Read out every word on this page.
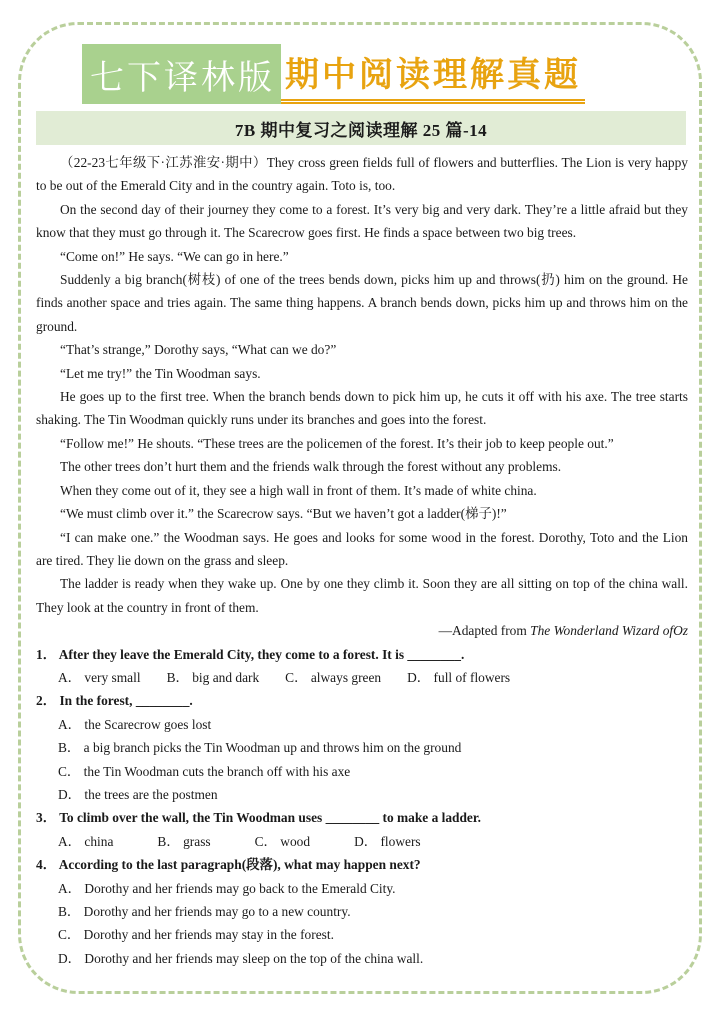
七下译林版 期中阅读理解真题
7B 期中复习之阅读理解 25 篇-14

（22-23七年级下·江苏淮安·期中）They cross green fields full of flowers and butterflies. The Lion is very happy to be out of the Emerald City and in the country again. Toto is, too.

On the second day of their journey they come to a forest. It’s very big and very dark. They’re a little afraid but they know that they must go through it. The Scarecrow goes first. He finds a space between two big trees.

“Come on!” He says. “We can go in here.”

Suddenly a big branch(树枝) of one of the trees bends down, picks him up and throws(扔) him on the ground. He finds another space and tries again. The same thing happens. A branch bends down, picks him up and throws him on the ground.

“That’s strange,” Dorothy says, “What can we do?”

“Let me try!” the Tin Woodman says.

He goes up to the first tree. When the branch bends down to pick him up, he cuts it off with his axe. The tree starts shaking. The Tin Woodman quickly runs under its branches and goes into the forest.

“Follow me!” He shouts. “These trees are the policemen of the forest. It’s their job to keep people out.”

The other trees don’t hurt them and the friends walk through the forest without any problems.

When they come out of it, they see a high wall in front of them. It’s made of white china.

“We must climb over it.” the Scarecrow says. “But we haven’t got a ladder(梯子)!”

“I can make one.” the Woodman says. He goes and looks for some wood in the forest. Dorothy, Toto and the Lion are tired. They lie down on the grass and sleep.

The ladder is ready when they wake up. One by one they climb it. Soon they are all sitting on top of the china wall. They look at the country in front of them.

—Adapted from The Wonderland Wizard ofOz

1． After they leave the Emerald City, they come to a forest. It is ________.

A． very small B． big and dark C． always green D． full of flowers

2． In the forest, ________.

A． the Scarecrow goes lost

B． a big branch picks the Tin Woodman up and throws him on the ground

C． the Tin Woodman cuts the branch off with his axe

D． the trees are the postmen

3． To climb over the wall, the Tin Woodman uses ________ to make a ladder.

A． china	B． grass	C． wood	D． flowers

4． According to the last paragraph(段落), what may happen next?

A． Dorothy and her friends may go back to the Emerald City.

B． Dorothy and her friends may go to a new country.

C． Dorothy and her friends may stay in the forest.

D． Dorothy and her friends may sleep on the top of the china wall.
